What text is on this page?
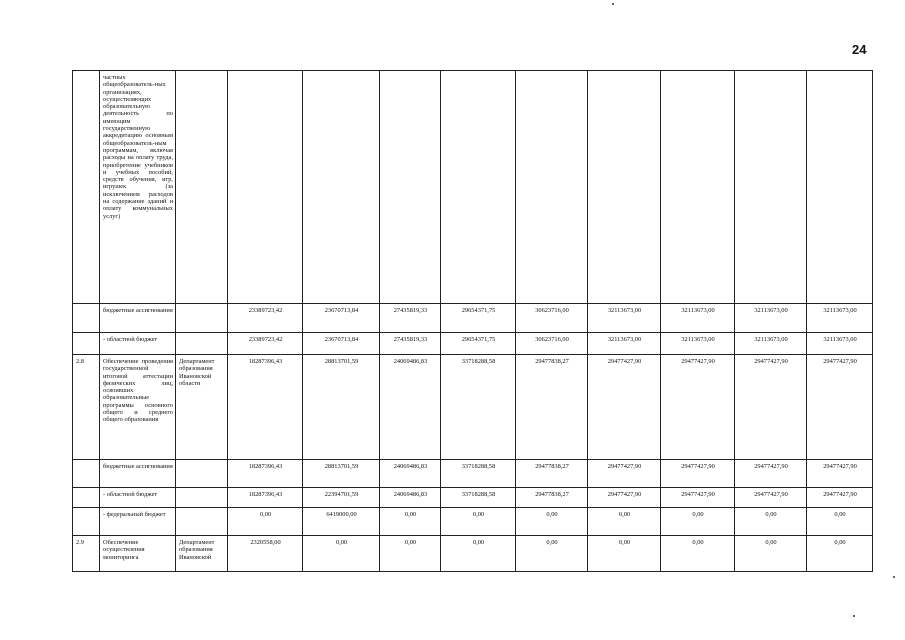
24
	частных общеобразователь-ных организациях, осуществляющих образовательную деятельность по имеющим государственную аккредитацию основным общеобразователь-ным программам, включая расходы на оплату труда, приобретение учебников и учебных пособий, средств обучения, игр, игрушек (за исключением расходов на содержание зданий и оплату коммунальных услуг)										
	бюджетные ассигнования		23389723,42	23670713,84	27435819,33	29654371,75	30623716,00	32113673,00	32113673,00	32113673,00	32113673,00
	- областной бюджет		23389723,42	23670713,84	27435819,33	29654371,75	30623716,00	32113673,00	32113673,00	32113673,00	32113673,00
2.8	Обеспечение проведения государственной итоговой аттестации физических лиц, освоивших образовательные программы основного общего и среднего общего образования	Департамент образования Ивановской области	18287396,43	28813701,59	24069486,83	33718288,58	29477838,27	29477427,90	29477427,90	29477427,90	29477427,90
	бюджетные ассигнования		18287396,43	28813701,59	24069486,83	33718288,58	29477838,27	29477427,90	29477427,90	29477427,90	29477427,90
	- областной бюджет		18287396,43	22394701,59	24069486,83	33718288,58	29477838,27	29477427,90	29477427,90	29477427,90	29477427,90
	- федеральный бюджет		0,00	6419000,00	0,00	0,00	0,00	0,00	0,00	0,00	0,00
2.9	Обеспечение осуществления мониторинга	Департамент образования Ивановской	2320558,00	0,00	0,00	0,00	0,00	0,00	0,00	0,00	0,00
